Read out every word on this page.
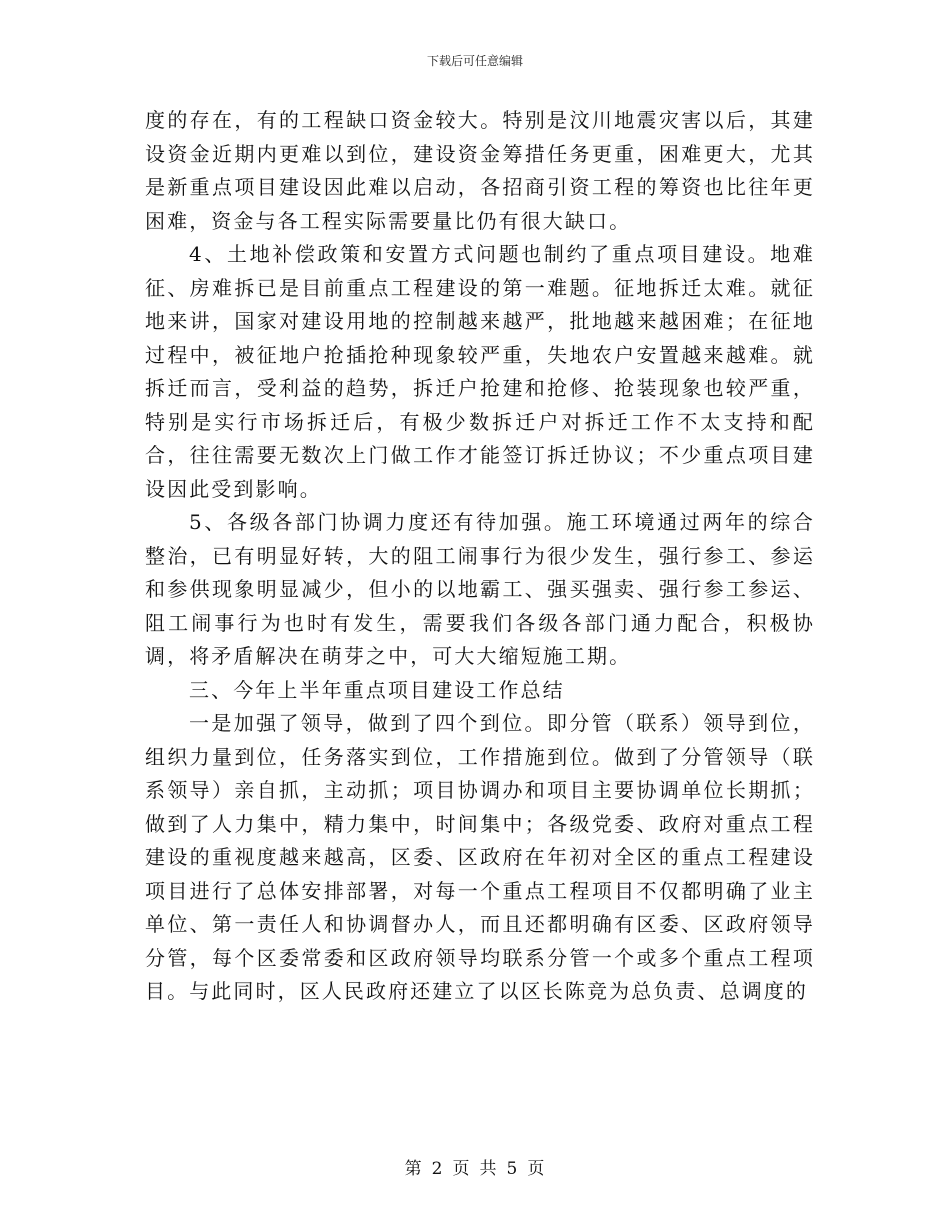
下载后可任意编辑

度的存在，有的工程缺口资金较大。特别是汶川地震灾害以后，其建设资金近期内更难以到位，建设资金筹措任务更重，困难更大，尤其是新重点项目建设因此难以启动，各招商引资工程的筹资也比往年更困难，资金与各工程实际需要量比仍有很大缺口。

4、土地补偿政策和安置方式问题也制约了重点项目建设。地难征、房难拆已是目前重点工程建设的第一难题。征地拆迁太难。就征地来讲，国家对建设用地的控制越来越严，批地越来越困难；在征地过程中，被征地户抢插抢种现象较严重，失地农户安置越来越难。就拆迁而言，受利益的趋势，拆迁户抢建和抢修、抢装现象也较严重，特别是实行市场拆迁后，有极少数拆迁户对拆迁工作不太支持和配合，往往需要无数次上门做工作才能签订拆迁协议；不少重点项目建设因此受到影响。

5、各级各部门协调力度还有待加强。施工环境通过两年的综合整治，已有明显好转，大的阻工闹事行为很少发生，强行参工、参运和参供现象明显减少，但小的以地霸工、强买强卖、强行参工参运、阻工闹事行为也时有发生，需要我们各级各部门通力配合，积极协调，将矛盾解决在萌芽之中，可大大缩短施工期。

三、今年上半年重点项目建设工作总结

一是加强了领导，做到了四个到位。即分管（联系）领导到位，组织力量到位，任务落实到位，工作措施到位。做到了分管领导（联系领导）亲自抓，主动抓；项目协调办和项目主要协调单位长期抓；做到了人力集中，精力集中，时间集中；各级党委、政府对重点工程建设的重视度越来越高，区委、区政府在年初对全区的重点工程建设项目进行了总体安排部署，对每一个重点工程项目不仅都明确了业主单位、第一责任人和协调督办人，而且还都明确有区委、区政府领导分管，每个区委常委和区政府领导均联系分管一个或多个重点工程项目。与此同时，区人民政府还建立了以区长陈竞为总负责、总调度的

第 2 页 共 5 页
